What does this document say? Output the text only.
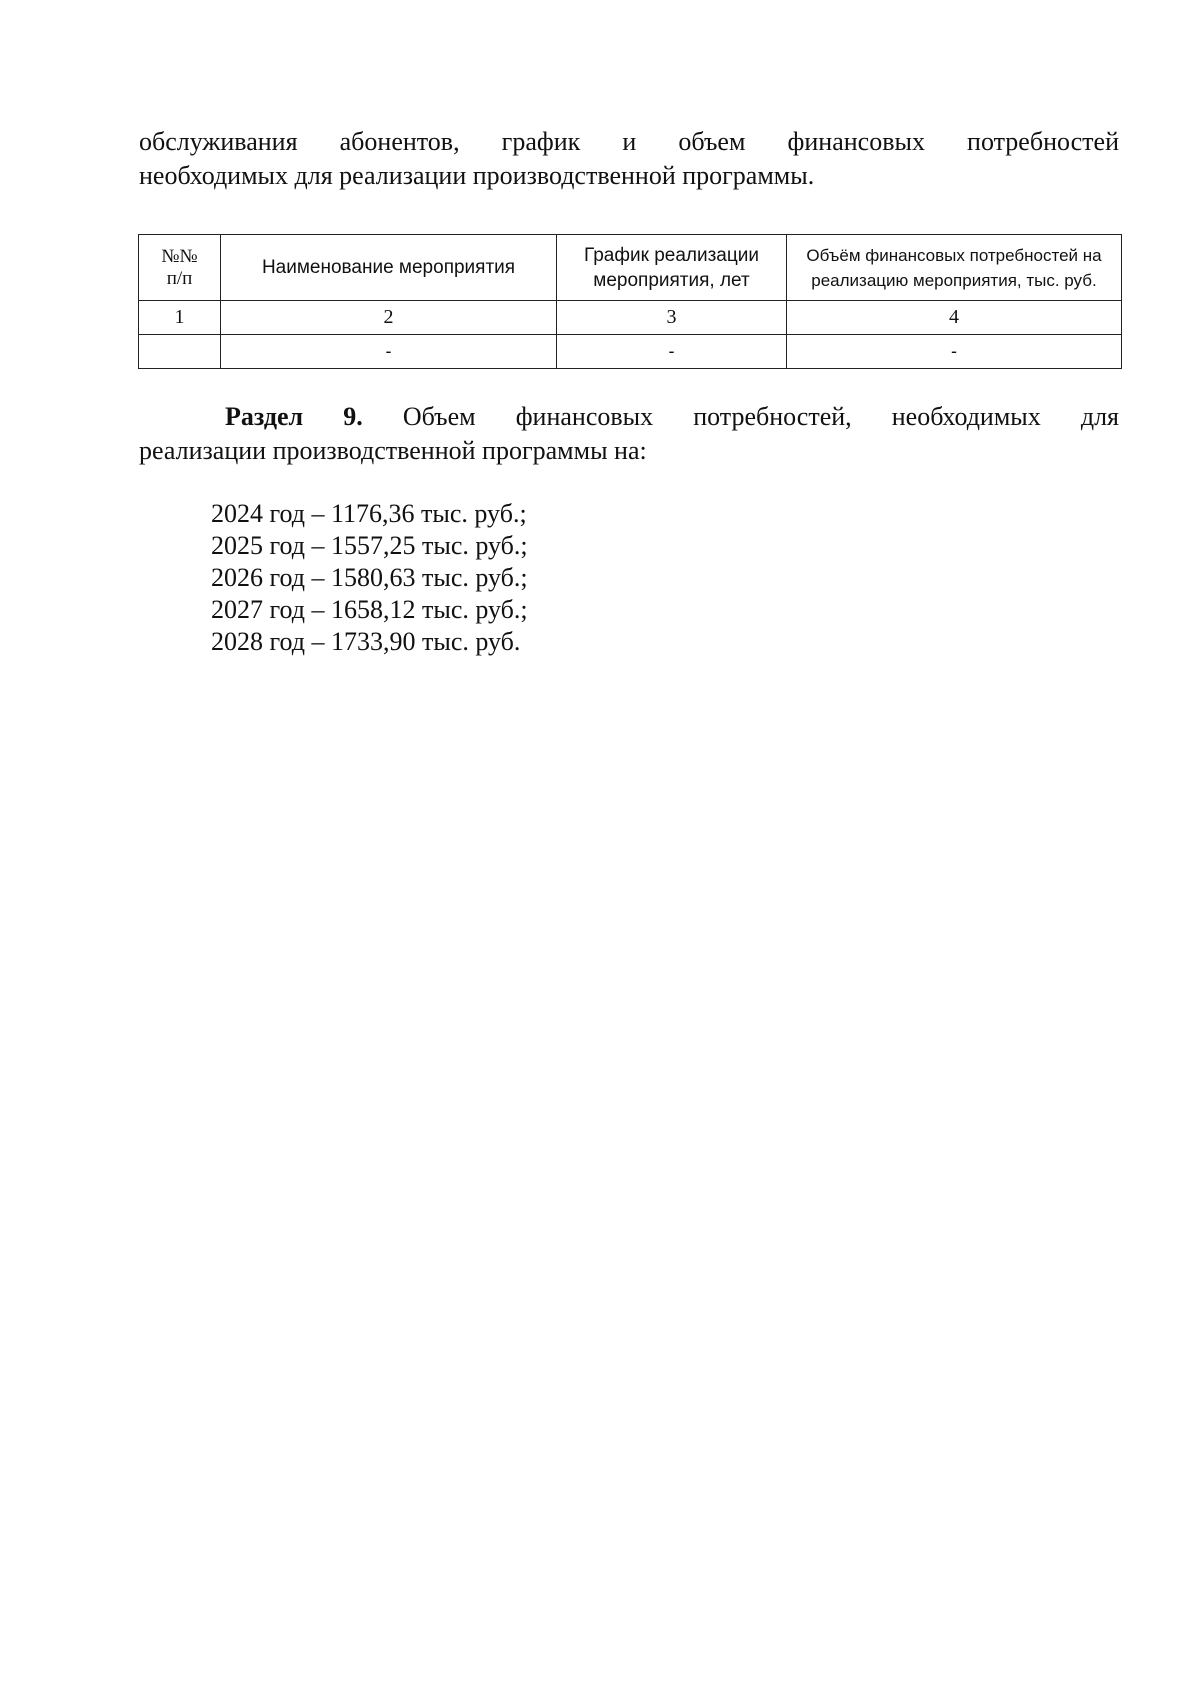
обслуживания абонентов, график и объем финансовых потребностей
необходимых для реализации производственной программы.
№№
п/п	Наименование мероприятия	График реализации мероприятия, лет	Объём финансовых потребностей на реализацию мероприятия, тыс. руб.
1	2	3	4
	-	-	-
Раздел 9. Объем финансовых потребностей, необходимых для
реализации производственной программы на:
2024 год – 1176,36 тыс. руб.;
2025 год – 1557,25 тыс. руб.;
2026 год – 1580,63 тыс. руб.;
2027 год – 1658,12 тыс. руб.;
2028 год – 1733,90 тыс. руб.
